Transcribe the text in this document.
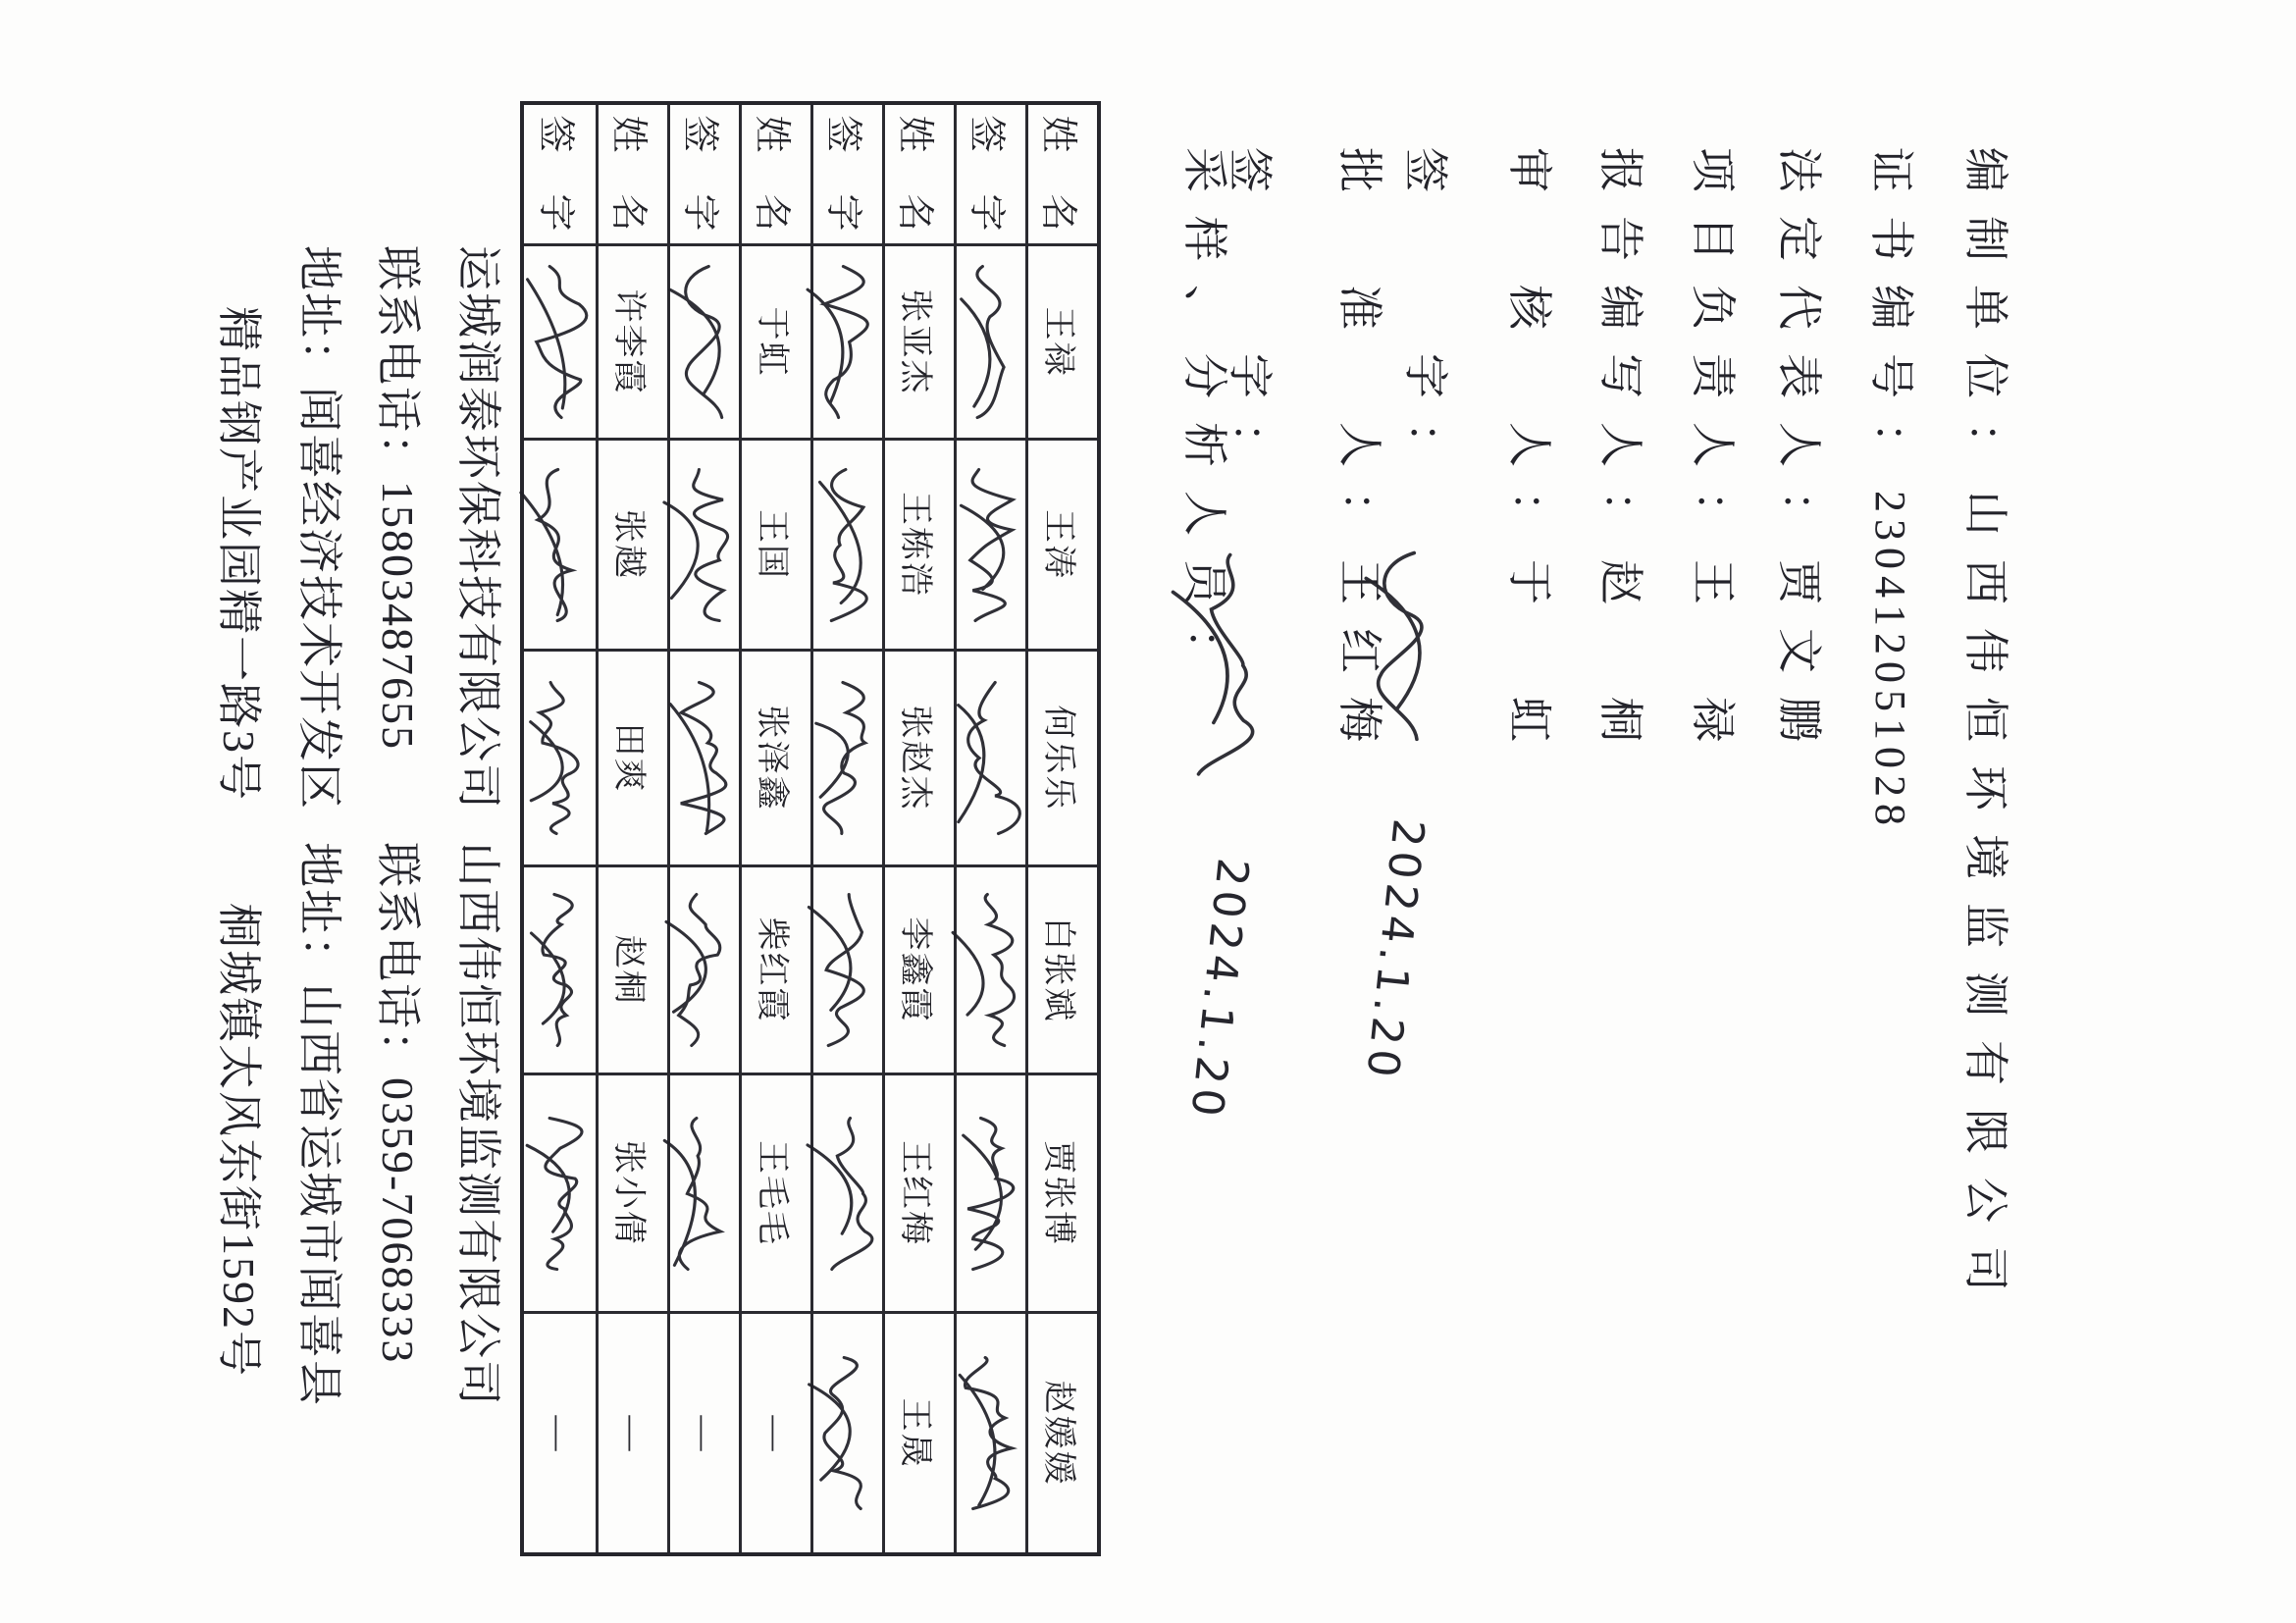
编制单位：山西伟恒环境监测有限公司
证书编号：230412051028
法定代表人：贾文鹏
项目负责人：王　禄
报告编写人：赵　桐
审　核　人：于　虹
签　　字：  2024.1.20
批　准　人：王红梅
签　　字：  2024.1.20
采样、分析人员：
姓　名
王禄
王涛
何乐乐
白张斌
贾张博
赵媛媛
签　字
姓　名
张亚杰
王栋浩
张赵杰
李鑫霞
王红梅
王晟
签　字
姓　名
于虹
王国
张泽鑫
柴红霞
王毛毛
—
签　字
—
姓　名
许李霞
张越
田爽
赵桐
张小倩
—
签　字
—
运城润泰环保科技有限公司
联系电话：15803487655
地址：闻喜经济技术开发区
精品钢产业园精一路3号
山西伟恒环境监测有限公司
联系电话：0359-7068333
地址：山西省运城市闻喜县
桐城镇太风东街1592号
